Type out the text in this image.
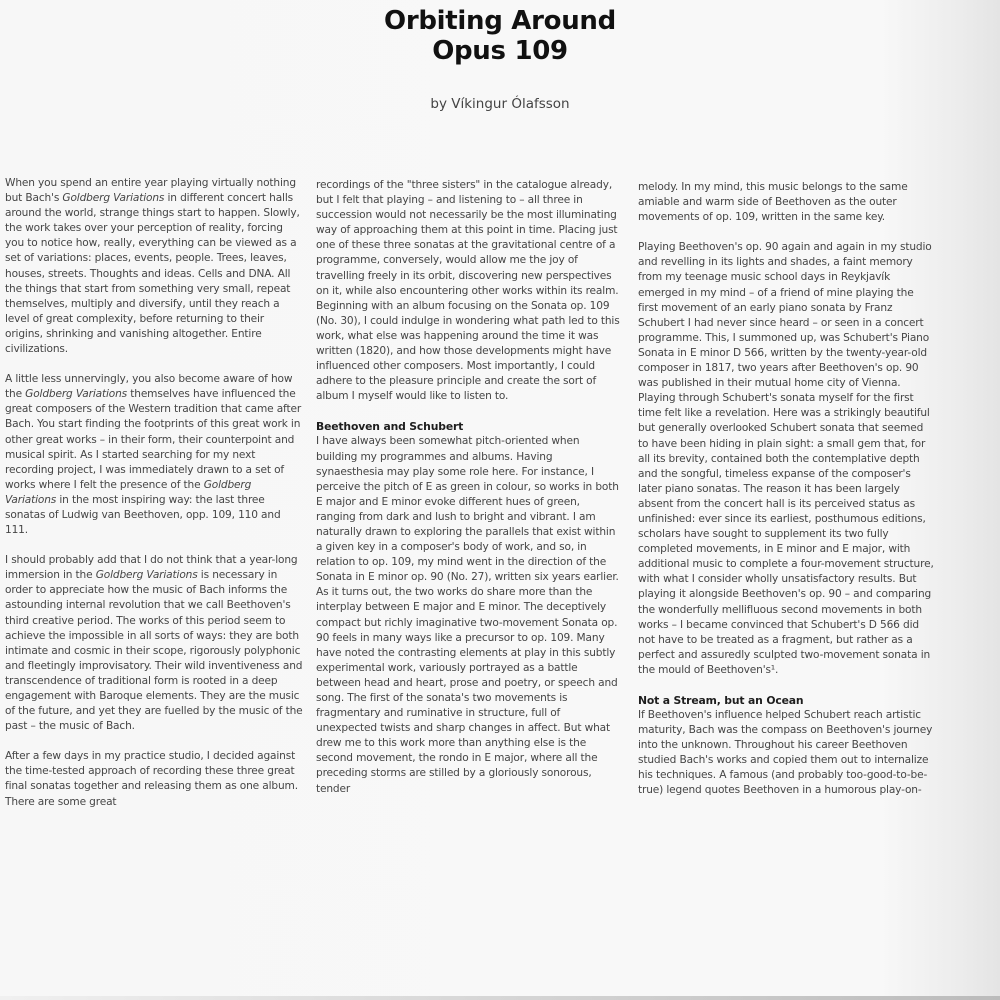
Orbiting Around
Opus 109
by Víkingur Ólafsson

When you spend an entire year playing virtually nothing but Bach's Goldberg Variations in different concert halls around the world, strange things start to happen. Slowly, the work takes over your perception of reality, forcing you to notice how, really, everything can be viewed as a set of variations: places, events, people. Trees, leaves, houses, streets. Thoughts and ideas. Cells and DNA. All the things that start from something very small, repeat themselves, multiply and diversify, until they reach a level of great complexity, before returning to their origins, shrinking and vanishing altogether. Entire civilizations.

A little less unnervingly, you also become aware of how the Goldberg Variations themselves have influenced the great composers of the Western tradition that came after Bach. You start finding the footprints of this great work in other great works – in their form, their counterpoint and musical spirit. As I started searching for my next recording project, I was immediately drawn to a set of works where I felt the presence of the Goldberg Variations in the most inspiring way: the last three sonatas of Ludwig van Beethoven, opp. 109, 110 and 111.

I should probably add that I do not think that a year-long immersion in the Goldberg Variations is necessary in order to appreciate how the music of Bach informs the astounding internal revolution that we call Beethoven's third creative period. The works of this period seem to achieve the impossible in all sorts of ways: they are both intimate and cosmic in their scope, rigorously polyphonic and fleetingly improvisatory. Their wild inventiveness and transcendence of traditional form is rooted in a deep engagement with Baroque elements. They are the music of the future, and yet they are fuelled by the music of the past – the music of Bach.

After a few days in my practice studio, I decided against the time-tested approach of recording these three great final sonatas together and releasing them as one album. There are some great

recordings of the "three sisters" in the catalogue already, but I felt that playing – and listening to – all three in succession would not necessarily be the most illuminating way of approaching them at this point in time. Placing just one of these three sonatas at the gravitational centre of a programme, conversely, would allow me the joy of travelling freely in its orbit, discovering new perspectives on it, while also encountering other works within its realm. Beginning with an album focusing on the Sonata op. 109 (No. 30), I could indulge in wondering what path led to this work, what else was happening around the time it was written (1820), and how those developments might have influenced other composers. Most importantly, I could adhere to the pleasure principle and create the sort of album I myself would like to listen to.

Beethoven and Schubert

I have always been somewhat pitch-oriented when building my programmes and albums. Having synaesthesia may play some role here. For instance, I perceive the pitch of E as green in colour, so works in both E major and E minor evoke different hues of green, ranging from dark and lush to bright and vibrant. I am naturally drawn to exploring the parallels that exist within a given key in a composer's body of work, and so, in relation to op. 109, my mind went in the direction of the Sonata in E minor op. 90 (No. 27), written six years earlier. As it turns out, the two works do share more than the interplay between E major and E minor. The deceptively compact but richly imaginative two-movement Sonata op. 90 feels in many ways like a precursor to op. 109. Many have noted the contrasting elements at play in this subtly experimental work, variously portrayed as a battle between head and heart, prose and poetry, or speech and song. The first of the sonata's two movements is fragmentary and ruminative in structure, full of unexpected twists and sharp changes in affect. But what drew me to this work more than anything else is the second movement, the rondo in E major, where all the preceding storms are stilled by a gloriously sonorous, tender

melody. In my mind, this music belongs to the same amiable and warm side of Beethoven as the outer movements of op. 109, written in the same key.

Playing Beethoven's op. 90 again and again in my studio and revelling in its lights and shades, a faint memory from my teenage music school days in Reykjavík emerged in my mind – of a friend of mine playing the first movement of an early piano sonata by Franz Schubert I had never since heard – or seen in a concert programme. This, I summoned up, was Schubert's Piano Sonata in E minor D 566, written by the twenty-year-old composer in 1817, two years after Beethoven's op. 90 was published in their mutual home city of Vienna. Playing through Schubert's sonata myself for the first time felt like a revelation. Here was a strikingly beautiful but generally overlooked Schubert sonata that seemed to have been hiding in plain sight: a small gem that, for all its brevity, contained both the contemplative depth and the songful, timeless expanse of the composer's later piano sonatas. The reason it has been largely absent from the concert hall is its perceived status as unfinished: ever since its earliest, posthumous editions, scholars have sought to supplement its two fully completed movements, in E minor and E major, with additional music to complete a four-movement structure, with what I consider wholly unsatisfactory results. But playing it alongside Beethoven's op. 90 – and comparing the wonderfully mellifluous second movements in both works – I became convinced that Schubert's D 566 did not have to be treated as a fragment, but rather as a perfect and assuredly sculpted two-movement sonata in the mould of Beethoven's¹.

Not a Stream, but an Ocean

If Beethoven's influence helped Schubert reach artistic maturity, Bach was the compass on Beethoven's journey into the unknown. Throughout his career Beethoven studied Bach's works and copied them out to internalize his techniques. A famous (and probably too-good-to-be-true) legend quotes Beethoven in a humorous play-on-
